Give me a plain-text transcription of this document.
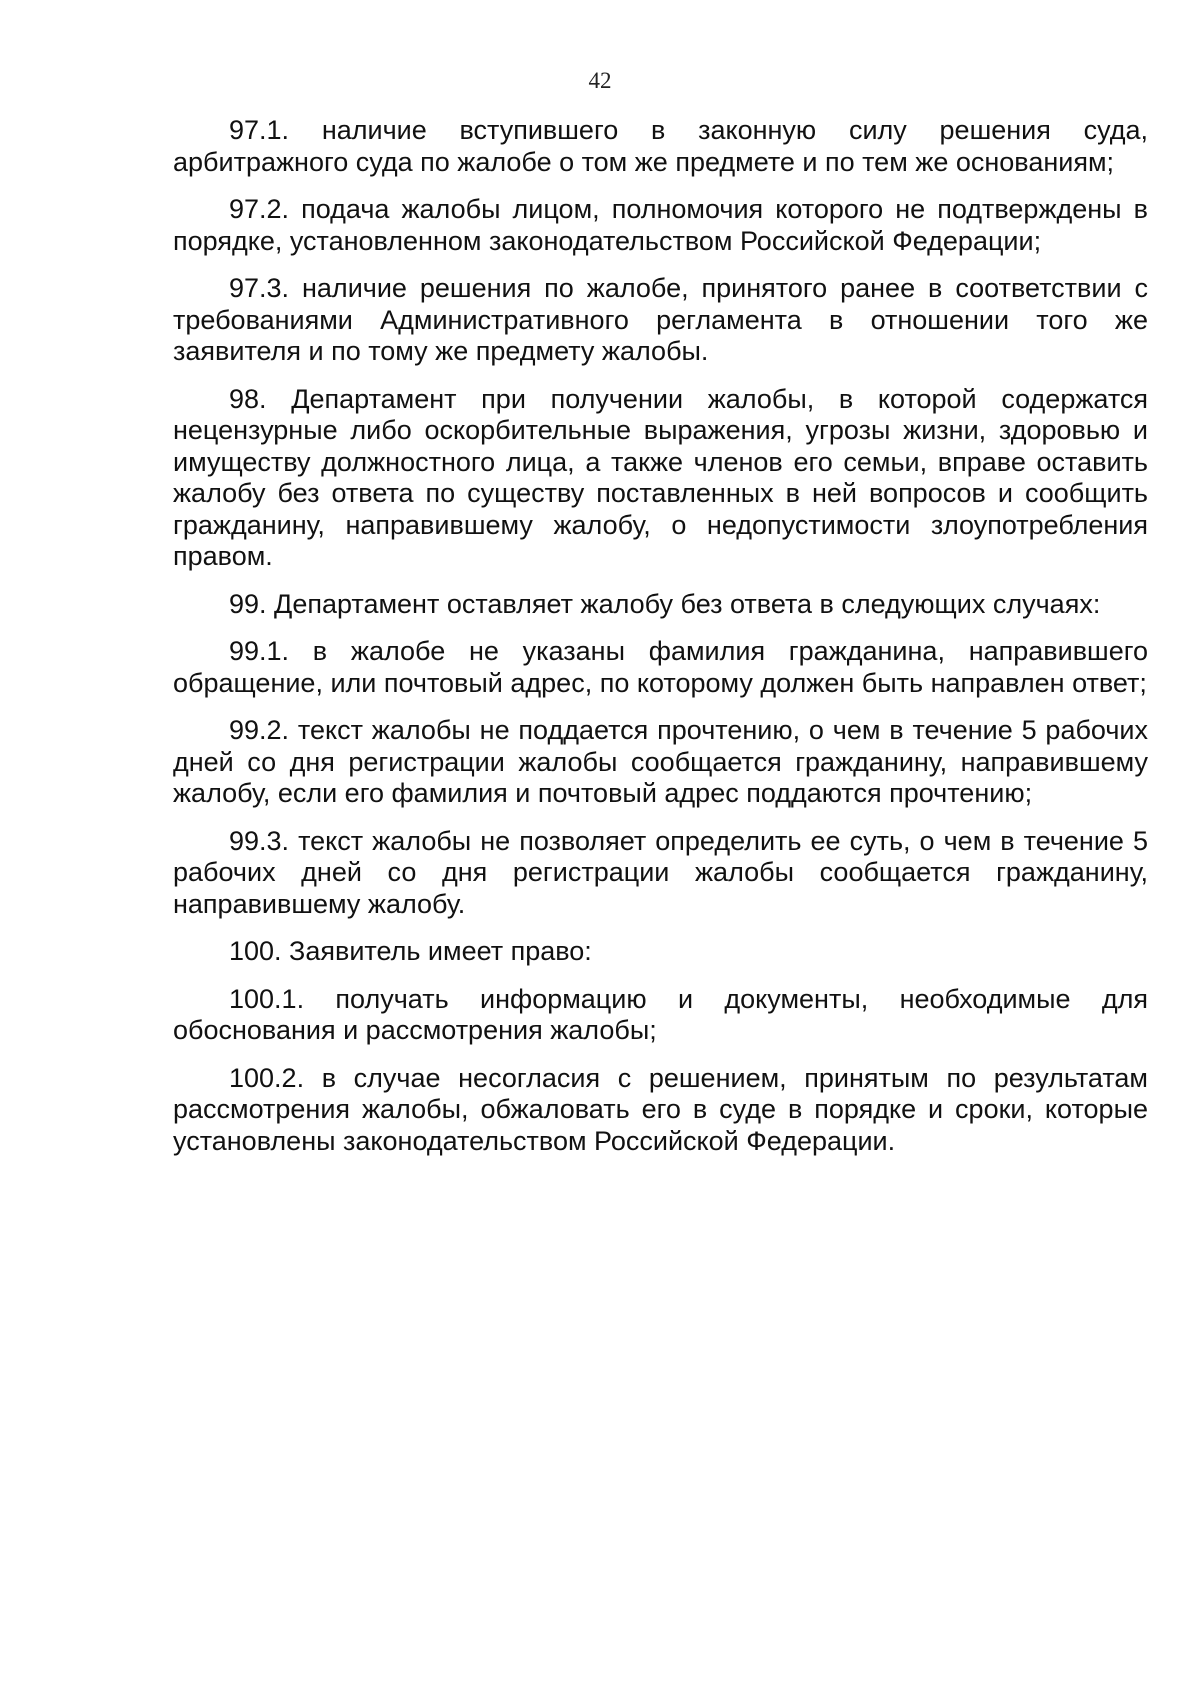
42

97.1. наличие вступившего в законную силу решения суда, арбитражного суда по жалобе о том же предмете и по тем же основаниям;

97.2. подача жалобы лицом, полномочия которого не подтверждены в порядке, установленном законодательством Российской Федерации;

97.3. наличие решения по жалобе, принятого ранее в соответствии с требованиями Административного регламента в отношении того же заявителя и по тому же предмету жалобы.

98. Департамент при получении жалобы, в которой содержатся нецензурные либо оскорбительные выражения, угрозы жизни, здоровью и имуществу должностного лица, а также членов его семьи, вправе оставить жалобу без ответа по существу поставленных в ней вопросов и сообщить гражданину, направившему жалобу, о недопустимости злоупотребления правом.

99. Департамент оставляет жалобу без ответа в следующих случаях:

99.1. в жалобе не указаны фамилия гражданина, направившего обращение, или почтовый адрес, по которому должен быть направлен ответ;

99.2. текст жалобы не поддается прочтению, о чем в течение 5 рабочих дней со дня регистрации жалобы сообщается гражданину, направившему жалобу, если его фамилия и почтовый адрес поддаются прочтению;

99.3. текст жалобы не позволяет определить ее суть, о чем в течение 5 рабочих дней со дня регистрации жалобы сообщается гражданину, направившему жалобу.

100. Заявитель имеет право:

100.1. получать информацию и документы, необходимые для обоснования и рассмотрения жалобы;

100.2. в случае несогласия с решением, принятым по результатам рассмотрения жалобы, обжаловать его в суде в порядке и сроки, которые установлены законодательством Российской Федерации.
